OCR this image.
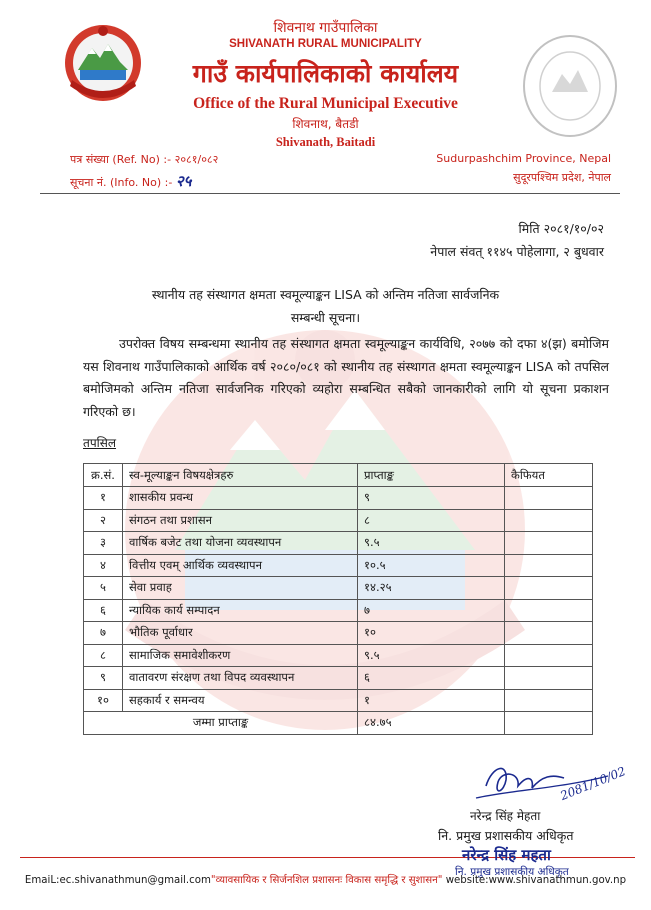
शिवनाथ गाउँपालिका
SHIVANATH RURAL MUNICIPALITY
गाउँ कार्यपालिकाको कार्यालय
Office of the Rural Municipal Executive
शिवनाथ, बैतडी
Shivanath, Baitadi
पत्र संख्या (Ref. No) :- २०८१/०८२
सूचना नं. (Info. No) :- २५
Sudurpashchim Province, Nepal
सुदूरपश्चिम प्रदेश, नेपाल
मिति २०८१/१०/०२
नेपाल संवत् ११४५ पोहेलागा, २ बुधवार
स्थानीय तह संस्थागत क्षमता स्वमूल्याङ्कन LISA को अन्तिम नतिजा सार्वजनिक
सम्बन्धी सूचना।
उपरोक्त विषय सम्बन्धमा स्थानीय तह संस्थागत क्षमता स्वमूल्याङ्कन कार्यविधि, २०७७ को दफा ४(झ) बमोजिम यस शिवनाथ गाउँपालिकाको आर्थिक वर्ष २०८०/०८१ को स्थानीय तह संस्थागत क्षमता स्वमूल्याङ्कन LISA को तपसिल बमोजिमको अन्तिम नतिजा सार्वजनिक गरिएको व्यहोरा सम्बन्धित सबैको जानकारीको लागि यो सूचना प्रकाशन गरिएको छ।
तपसिल
क्र.सं.	स्व-मूल्याङ्कन विषयक्षेत्रहरु	प्राप्ताङ्क	कैफियत
१	शासकीय प्रवन्ध	९	
२	संगठन तथा प्रशासन	८	
३	वार्षिक बजेट तथा योजना व्यवस्थापन	९.५	
४	वित्तीय एवम् आर्थिक व्यवस्थापन	१०.५	
५	सेवा प्रवाह	१४.२५	
६	न्यायिक कार्य सम्पादन	७	
७	भौतिक पूर्वाधार	१०	
८	सामाजिक समावेशीकरण	९.५	
९	वातावरण संरक्षण तथा विपद व्यवस्थापन	६	
१०	सहकार्य र समन्वय	१	
जम्मा प्राप्ताङ्क		८४.७५	
2081/10/02
नरेन्द्र सिंह मेहता
नि. प्रमुख प्रशासकीय अधिकृत
नरेन्द्र सिंह महता
नि. प्रमुख प्रशासकीय अधिकृत
EmaiL:ec.shivanathmun@gmail.com"व्यावसायिक र सिर्जनशिल प्रशासनः विकास समृद्धि र सुशासन" website:www.shivanathmun.gov.np
